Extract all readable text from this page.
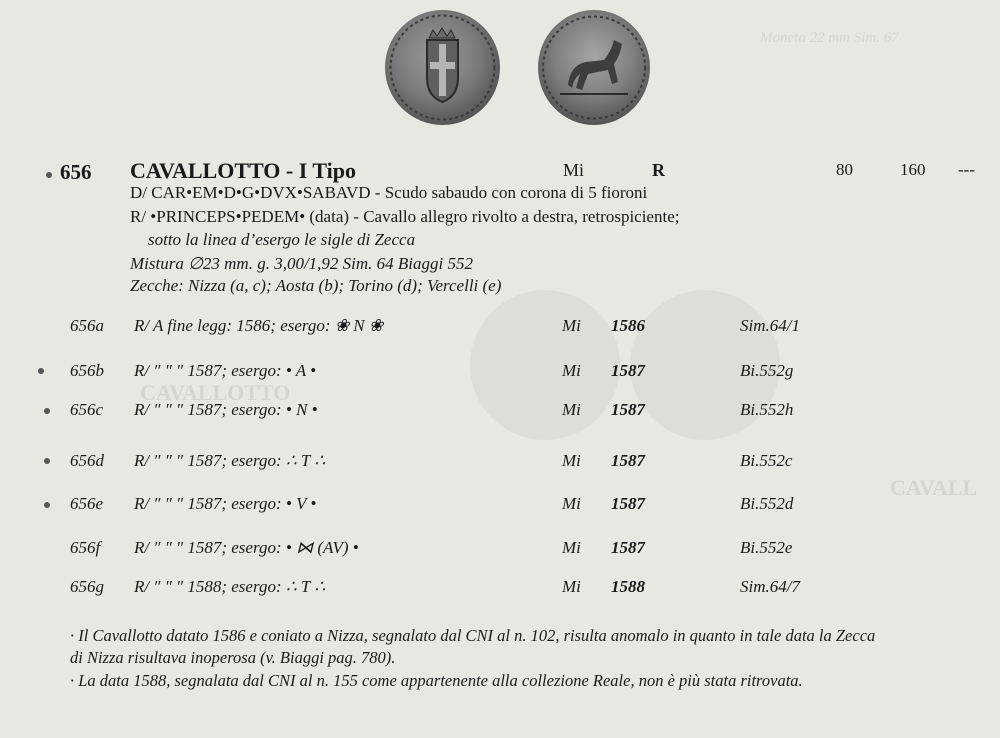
Moneta 22 mm Sim. 67
CAVALLOTTO
CAVALL
656 CAVALLOTTO - I Tipo	Mi	R	80	160 ---
D/ CAR•EM•D•G•DVX•SABAVD - Scudo sabaudo con corona di 5 fioroni
R/ •PRINCEPS•PEDEM• (data) - Cavallo allegro rivolto a destra, retrospiciente;
sotto la linea d’esergo le sigle di Zecca
Mistura ∅23 mm. g. 3,00/1,92 Sim. 64 Biaggi 552
Zecche: Nizza (a, c); Aosta (b); Torino (d); Vercelli (e)
656a R/ A fine legg: 1586; esergo: ❀ N ❀	Mi 1586	Sim.64/1
656b R/ ″ ″ ″ 1587; esergo: • A •	Mi 1587	Bi.552g
656c R/ ″ ″ ″ 1587; esergo: • N •	Mi 1587	Bi.552h
656d R/ ″ ″ ″ 1587; esergo: ∴ T ∴	Mi 1587	Bi.552c
656e R/ ″ ″ ″ 1587; esergo: • V •	Mi 1587	Bi.552d
656f R/ ″ ″ ″ 1587; esergo: • ⋈ (AV) •	Mi 1587	Bi.552e
656g R/ ″ ″ ″ 1588; esergo: ∴ T ∴	Mi 1588	Sim.64/7
· Il Cavallotto datato 1586 e coniato a Nizza, segnalato dal CNI al n. 102, risulta anomalo in quanto in tale data la Zecca
di Nizza risultava inoperosa (v. Biaggi pag. 780).
· La data 1588, segnalata dal CNI al n. 155 come appartenente alla collezione Reale, non è più stata ritrovata.
